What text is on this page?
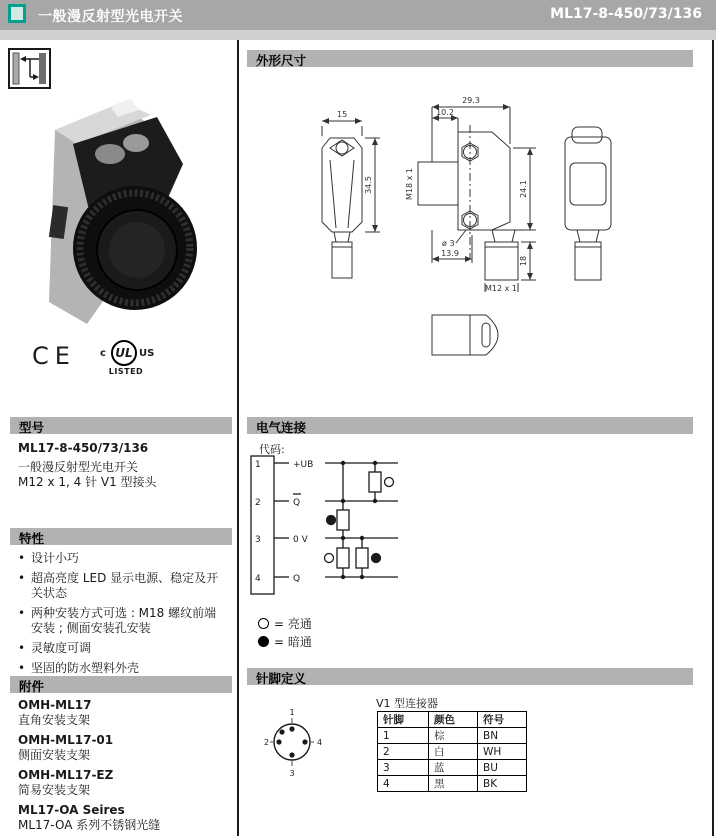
一般漫反射型光电开关	ML17-8-450/73/136
CE c UL US
LISTED
型号
ML17-8-450/73/136
一般漫反射型光电开关
M12 x 1, 4 针 V1 型接头
特性
• 设计小巧
• 超高亮度 LED 显示电源、稳定及开关状态
• 两种安装方式可选 : M18 螺纹前端安装 ; 侧面安装孔安装
• 灵敏度可调
• 坚固的防水塑料外壳
附件
OMH-ML17
直角安装支架
OMH-ML17-01
侧面安装支架
OMH-ML17-EZ
简易安装支架
ML17-OA Seires
ML17-OA 系列不锈钢光缝
外形尺寸
15
34.5
29.3
10.2
M18 x 1	24.1
ø 3
13.9
M12 x 1
18
电气连接
代码:
1
2
3
4
+UB
Q
0 V
Q
= 亮通
= 暗通
针脚定义
V1 型连接器
1
2
3
4
针脚	颜色	符号
1	棕	BN
2	白	WH
3	蓝	BU
4	黑	BK
